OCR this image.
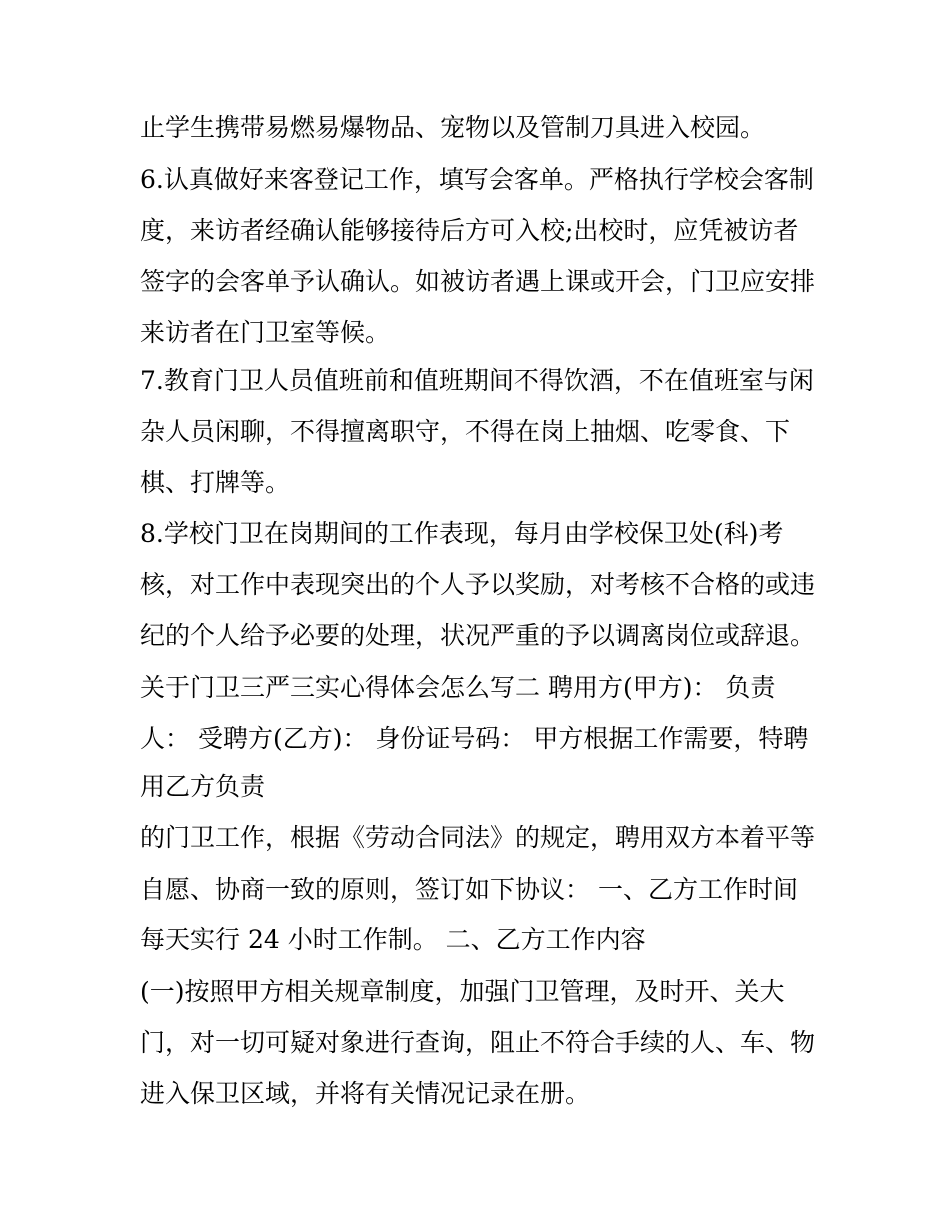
止学生携带易燃易爆物品、宠物以及管制刀具进入校园。

6.认真做好来客登记工作，填写会客单。严格执行学校会客制

度，来访者经确认能够接待后方可入校;出校时，应凭被访者

签字的会客单予认确认。如被访者遇上课或开会，门卫应安排

来访者在门卫室等候。

7.教育门卫人员值班前和值班期间不得饮酒，不在值班室与闲

杂人员闲聊，不得擅离职守，不得在岗上抽烟、吃零食、下

棋、打牌等。

8.学校门卫在岗期间的工作表现，每月由学校保卫处(科)考

核，对工作中表现突出的个人予以奖励，对考核不合格的或违

纪的个人给予必要的处理，状况严重的予以调离岗位或辞退。

关于门卫三严三实心得体会怎么写二 聘用方(甲方)： 负责

人： 受聘方(乙方)： 身份证号码： 甲方根据工作需要，特聘

用乙方负责

的门卫工作，根据《劳动合同法》的规定，聘用双方本着平等

自愿、协商一致的原则，签订如下协议： 一、乙方工作时间

每天实行 24 小时工作制。 二、乙方工作内容

(一)按照甲方相关规章制度，加强门卫管理，及时开、关大

门，对一切可疑对象进行查询，阻止不符合手续的人、车、物

进入保卫区域，并将有关情况记录在册。
